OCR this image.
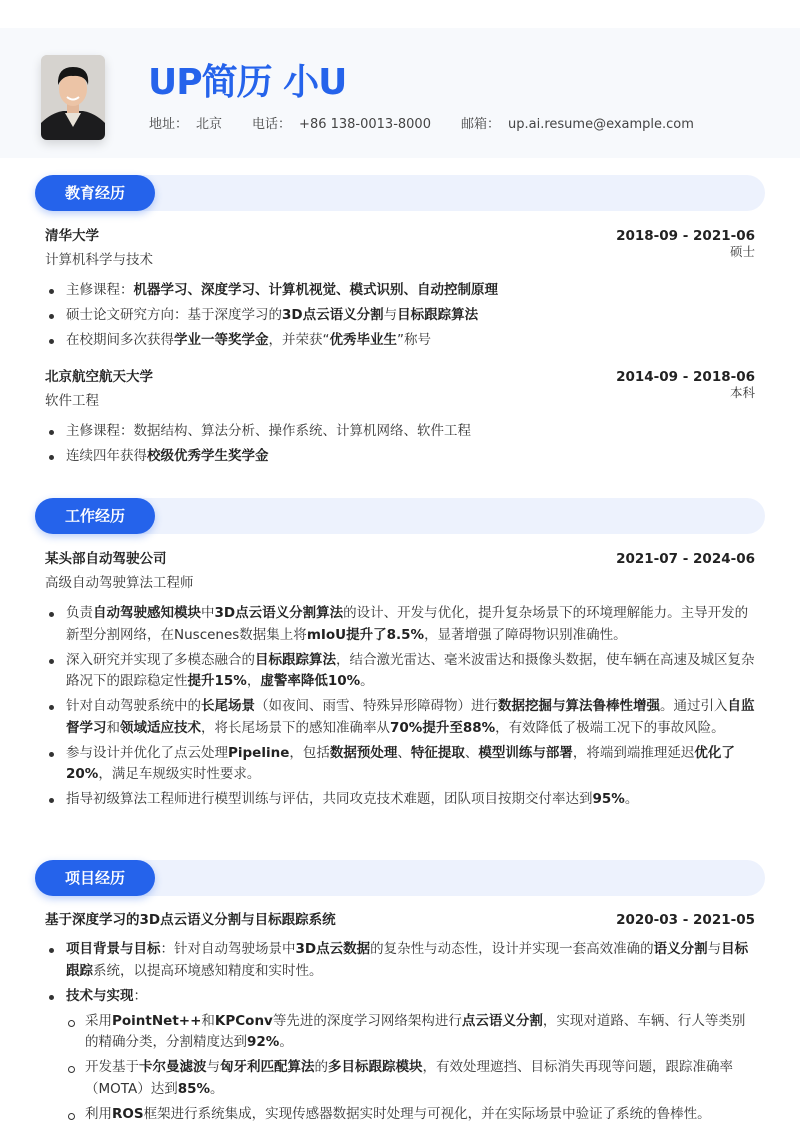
UP简历 小U
地址： 北京 电话： +86 138-0013-8000 邮箱： up.ai.resume@example.com
教育经历
清华大学	2018-09 - 2021-06
计算机科学与技术
硕士
主修课程：机器学习、深度学习、计算机视觉、模式识别、自动控制原理
硕士论文研究方向：基于深度学习的3D点云语义分割与目标跟踪算法
在校期间多次获得学业一等奖学金，并荣获“优秀毕业生”称号
北京航空航天大学	2014-09 - 2018-06
软件工程
本科
主修课程：数据结构、算法分析、操作系统、计算机网络、软件工程
连续四年获得校级优秀学生奖学金
工作经历
某头部自动驾驶公司	2021-07 - 2024-06
高级自动驾驶算法工程师
负责自动驾驶感知模块中3D点云语义分割算法的设计、开发与优化，提升复杂场景下的环境理解能力。主导开发的新型分割网络，在Nuscenes数据集上将mIoU提升了8.5%，显著增强了障碍物识别准确性。
深入研究并实现了多模态融合的目标跟踪算法，结合激光雷达、毫米波雷达和摄像头数据，使车辆在高速及城区复杂路况下的跟踪稳定性提升15%，虚警率降低10%。
针对自动驾驶系统中的长尾场景（如夜间、雨雪、特殊异形障碍物）进行数据挖掘与算法鲁棒性增强。通过引入自监督学习和领域适应技术，将长尾场景下的感知准确率从70%提升至88%，有效降低了极端工况下的事故风险。
参与设计并优化了点云处理Pipeline，包括数据预处理、特征提取、模型训练与部署，将端到端推理延迟优化了20%，满足车规级实时性要求。
指导初级算法工程师进行模型训练与评估，共同攻克技术难题，团队项目按期交付率达到95%。
项目经历
基于深度学习的3D点云语义分割与目标跟踪系统	2020-03 - 2021-05
项目背景与目标：针对自动驾驶场景中3D点云数据的复杂性与动态性，设计并实现一套高效准确的语义分割与目标跟踪系统，以提高环境感知精度和实时性。
技术与实现：
采用PointNet++和KPConv等先进的深度学习网络架构进行点云语义分割，实现对道路、车辆、行人等类别的精确分类，分割精度达到92%。
开发基于卡尔曼滤波与匈牙利匹配算法的多目标跟踪模块，有效处理遮挡、目标消失再现等问题，跟踪准确率（MOTA）达到85%。
利用ROS框架进行系统集成，实现传感器数据实时处理与可视化，并在实际场景中验证了系统的鲁棒性。
